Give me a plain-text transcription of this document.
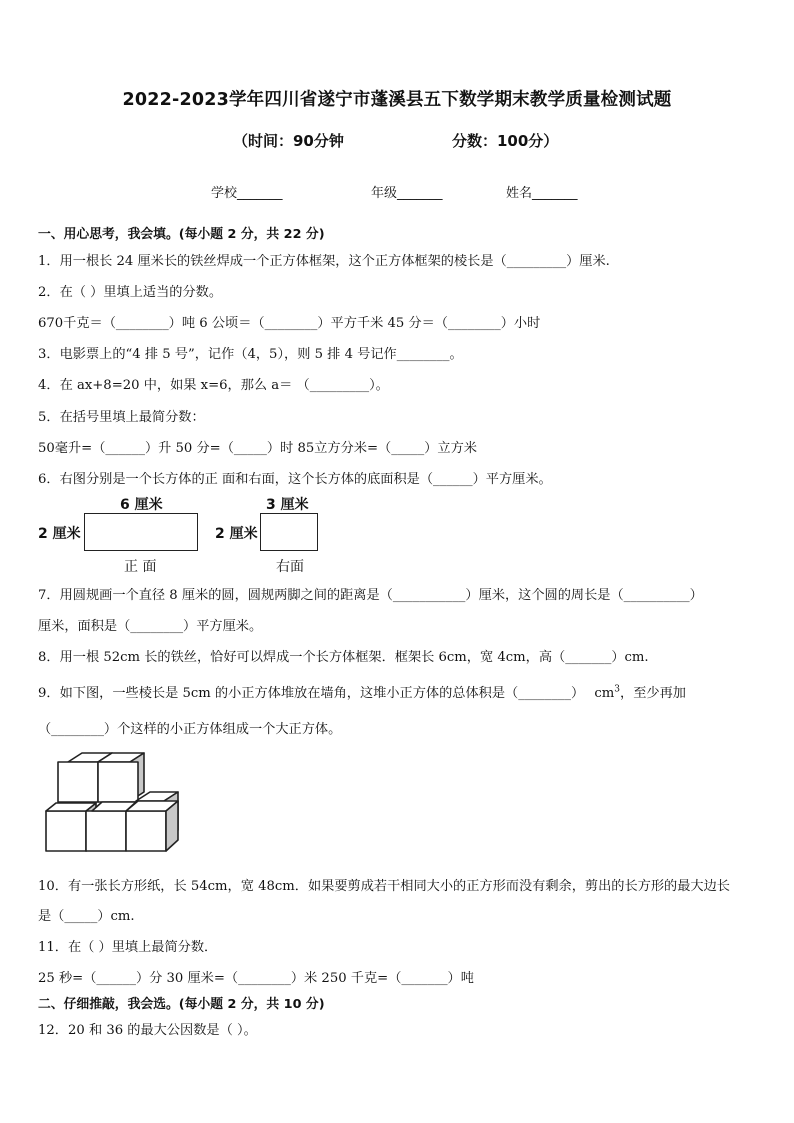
2022-2023学年四川省遂宁市蓬溪县五下数学期末教学质量检测试题
（时间：90分钟	分数：100分）
学校_______	年级_______	姓名_______
一、用心思考，我会填。(每小题 2 分，共 22 分)
1．用一根长 24 厘米长的铁丝焊成一个正方体框架，这个正方体框架的棱长是（_________）厘米.
2．在（ ）里填上适当的分数。
670千克＝（________）吨 6 公顷＝（________）平方千米 45 分＝（________）小时
3．电影票上的“4 排 5 号”，记作（4，5），则 5 排 4 号记作________。
4．在 ax+8=20 中，如果 x=6，那么 a＝ （_________）。
5．在括号里填上最简分数：
50毫升=（______）升 50 分=（_____）时 85立方分米=（_____）立方米
6．右图分别是一个长方体的正 面和右面，这个长方体的底面积是（______）平方厘米。
6 厘米
2 厘米
正 面
3 厘米
2 厘米
右面
7．用圆规画一个直径 8 厘米的圆，圆规两脚之间的距离是（___________）厘米，这个圆的周长是（__________）
厘米，面积是（________）平方厘米。
8．用一根 52cm 长的铁丝，恰好可以焊成一个长方体框架．框架长 6cm，宽 4cm，高（_______）cm.
9．如下图，一些棱长是 5cm 的小正方体堆放在墙角，这堆小正方体的总体积是（________） $cm^3$，至少再加
（________）个这样的小正方体组成一个大正方体。
10．有一张长方形纸，长 54cm，宽 48cm．如果要剪成若干相同大小的正方形而没有剩余，剪出的长方形的最大边长
是（_____）cm.
11．在（ ）里填上最简分数．
25 秒=（______）分 30 厘米=（________）米 250 千克=（_______）吨
二、仔细推敲，我会选。(每小题 2 分，共 10 分)
12．20 和 36 的最大公因数是（ ）。
